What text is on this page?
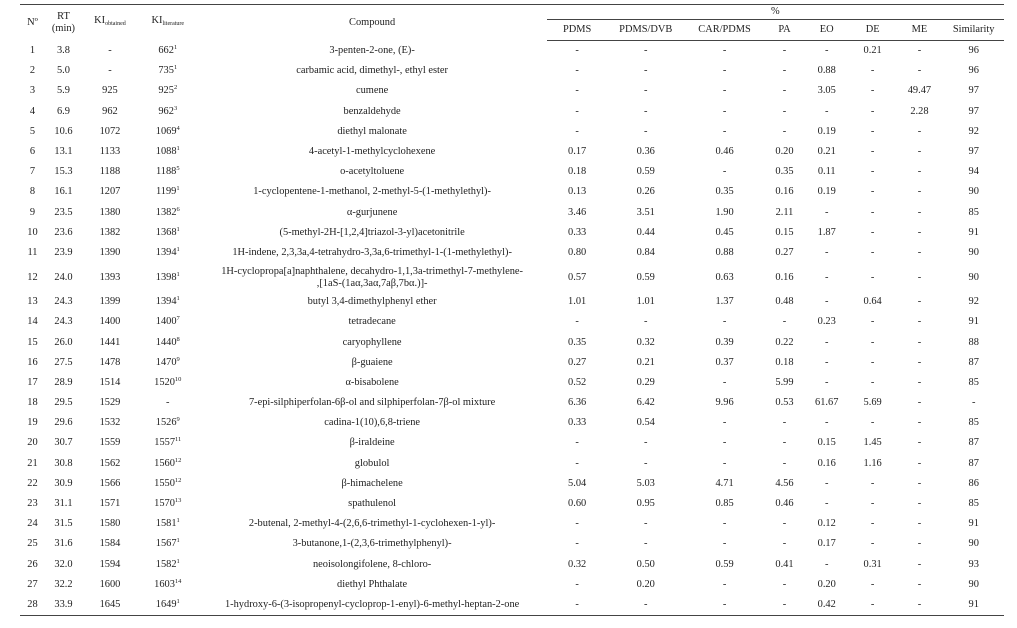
Nº	RT
(min)	$KI_{obtained}$	$KI_{literature}$	Compound	%							
					PDMS	PDMS/DVB	CAR/PDMS	PA	EO	DE	ME	Similarity
1	3.8	-	$662^1$	3-penten-2-one, (E)-	-	-	-	-	-	0.21	-	96
2	5.0	-	$735^1$	carbamic acid, dimethyl-, ethyl ester	-	-	-	-	0.88	-	-	96
3	5.9	925	$925^2$	cumene	-	-	-	-	3.05	-	49.47	97
4	6.9	962	$962^3$	benzaldehyde	-	-	-	-	-	-	2.28	97
5	10.6	1072	1069$^4$	diethyl malonate	-	-	-	-	0.19	-	-	92
6	13.1	1133	1088$^1$	4-acetyl-1-methylcyclohexene	0.17	0.36	0.46	0.20	0.21	-	-	97
7	15.3	1188	1188$^5$	o-acetyltoluene	0.18	0.59	-	0.35	0.11	-	-	94
8	16.1	1207	1199$^1$	1-cyclopentene-1-methanol, 2-methyl-5-(1-methylethyl)-	0.13	0.26	0.35	0.16	0.19	-	-	90
9	23.5	1380	1382$^6$	α-gurjunene	3.46	3.51	1.90	2.11	-	-	-	85
10	23.6	1382	1368$^1$	(5-methyl-2H-[1,2,4]triazol-3-yl)acetonitrile	0.33	0.44	0.45	0.15	1.87	-	-	91
11	23.9	1390	1394$^1$	1H-indene, 2,3,3a,4-tetrahydro-3,3a,6-trimethyl-1-(1-methylethyl)-	0.80	0.84	0.88	0.27	-	-	-	90
12	24.0	1393	1398$^1$	1H-cyclopropa[a]naphthalene, decahydro-1,1,3a-trimethyl-7-methylene-
,[1aS-(1aα,3aα,7aβ,7bα.)]-	0.57	0.59	0.63	0.16	-	-	-	90
13	24.3	1399	1394$^1$	butyl 3,4-dimethylphenyl ether	1.01	1.01	1.37	0.48	-	0.64	-	92
14	24.3	1400	1400$^7$	tetradecane	-	-	-	-	0.23	-	-	91
15	26.0	1441	1440$^8$	caryophyllene	0.35	0.32	0.39	0.22	-	-	-	88
16	27.5	1478	1470$^9$	β-guaiene	0.27	0.21	0.37	0.18	-	-	-	87
17	28.9	1514	1520$^{10}$	α-bisabolene	0.52	0.29	-	5.99	-	-	-	85
18	29.5	1529	-	7-epi-silphiperfolan-6β-ol and silphiperfolan-7β-ol mixture	6.36	6.42	9.96	0.53	61.67	5.69	-	-
19	29.6	1532	1526$^9$	cadina-1(10),6,8-triene	0.33	0.54	-	-	-	-	-	85
20	30.7	1559	1557$^{11}$	β-iraldeine	-	-	-	-	0.15	1.45	-	87
21	30.8	1562	1560$^{12}$	globulol	-	-	-	-	0.16	1.16	-	87
22	30.9	1566	1550$^{12}$	β-himachelene	5.04	5.03	4.71	4.56	-	-	-	86
23	31.1	1571	1570$^{13}$	spathulenol	0.60	0.95	0.85	0.46	-	-	-	85
24	31.5	1580	1581$^1$	2-butenal, 2-methyl-4-(2,6,6-trimethyl-1-cyclohexen-1-yl)-	-	-	-	-	0.12	-	-	91
25	31.6	1584	1567$^1$	3-butanone,1-(2,3,6-trimethylphenyl)-	-	-	-	-	0.17	-	-	90
26	32.0	1594	1582$^1$	neoisolongifolene, 8-chloro-	0.32	0.50	0.59	0.41	-	0.31	-	93
27	32.2	1600	1603$^{14}$	diethyl Phthalate	-	0.20	-	-	0.20	-	-	90
28	33.9	1645	1649$^1$	1-hydroxy-6-(3-isopropenyl-cycloprop-1-enyl)-6-methyl-heptan-2-one	-	-	-	-	0.42	-	-	91
